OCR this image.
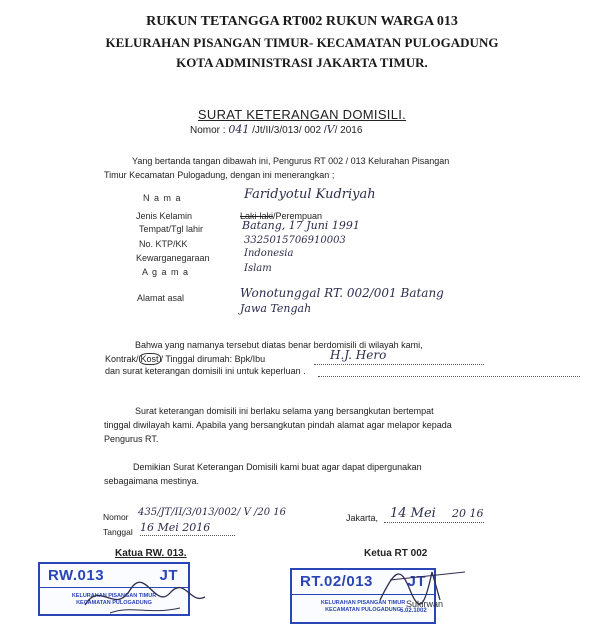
RUKUN TETANGGA RT002 RUKUN WARGA 013
KELURAHAN PISANGAN TIMUR- KECAMATAN PULOGADUNG
KOTA ADMINISTRASI JAKARTA TIMUR.
SURAT KETERANGAN DOMISILI.
Nomor : 041 /Jt/II/3/013/ 002 /V/ 2016
Yang bertanda tangan dibawah ini, Pengurus RT 002 / 013 Kelurahan Pisangan
Timur Kecamatan Pulogadung, dengan ini menerangkan ;
N a m a	Faridyotul Kudriyah
Jenis Kelamin	Laki-laki/Perempuan
Tempat/Tgl lahir	Batang, 17 Juni 1991
No. KTP/KK	3325015706910003
Kewarganegaraan	Indonesia
A g a m a	Islam
Alamat asal	Wonotunggal RT. 002/001 Batang
Jawa Tengah
Bahwa yang namanya tersebut diatas benar berdomisili di wilayah kami,
Kontrak/ Kost / Tinggal dirumah: Bpk/Ibu	H.J. Hero
dan surat keterangan domisili ini untuk keperluan .
Surat keterangan domisili ini berlaku selama yang bersangkutan bertempat
tinggal diwilayah kami. Apabila yang bersangkutan pindah alamat agar melapor kepada
Pengurus RT.
Demikian Surat Keterangan Domisili kami buat agar dapat dipergunakan
sebagaimana mestinya.
Nomor 435/JT/II/3/013/002/ V /20 16
Tanggal 16 Mei 2016
Jakarta, 14 Mei 20 16
Katua RW. 013.	Ketua RT 002
RW.013	JT
KELURAHAN PISANGAN TIMUR
KECAMATAN PULOGADUNG
RT.02/013 JT
KELURAHAN PISANGAN TIMUR
KECAMATAN PULOGADUNG 5.02.1002
Sukirwan
